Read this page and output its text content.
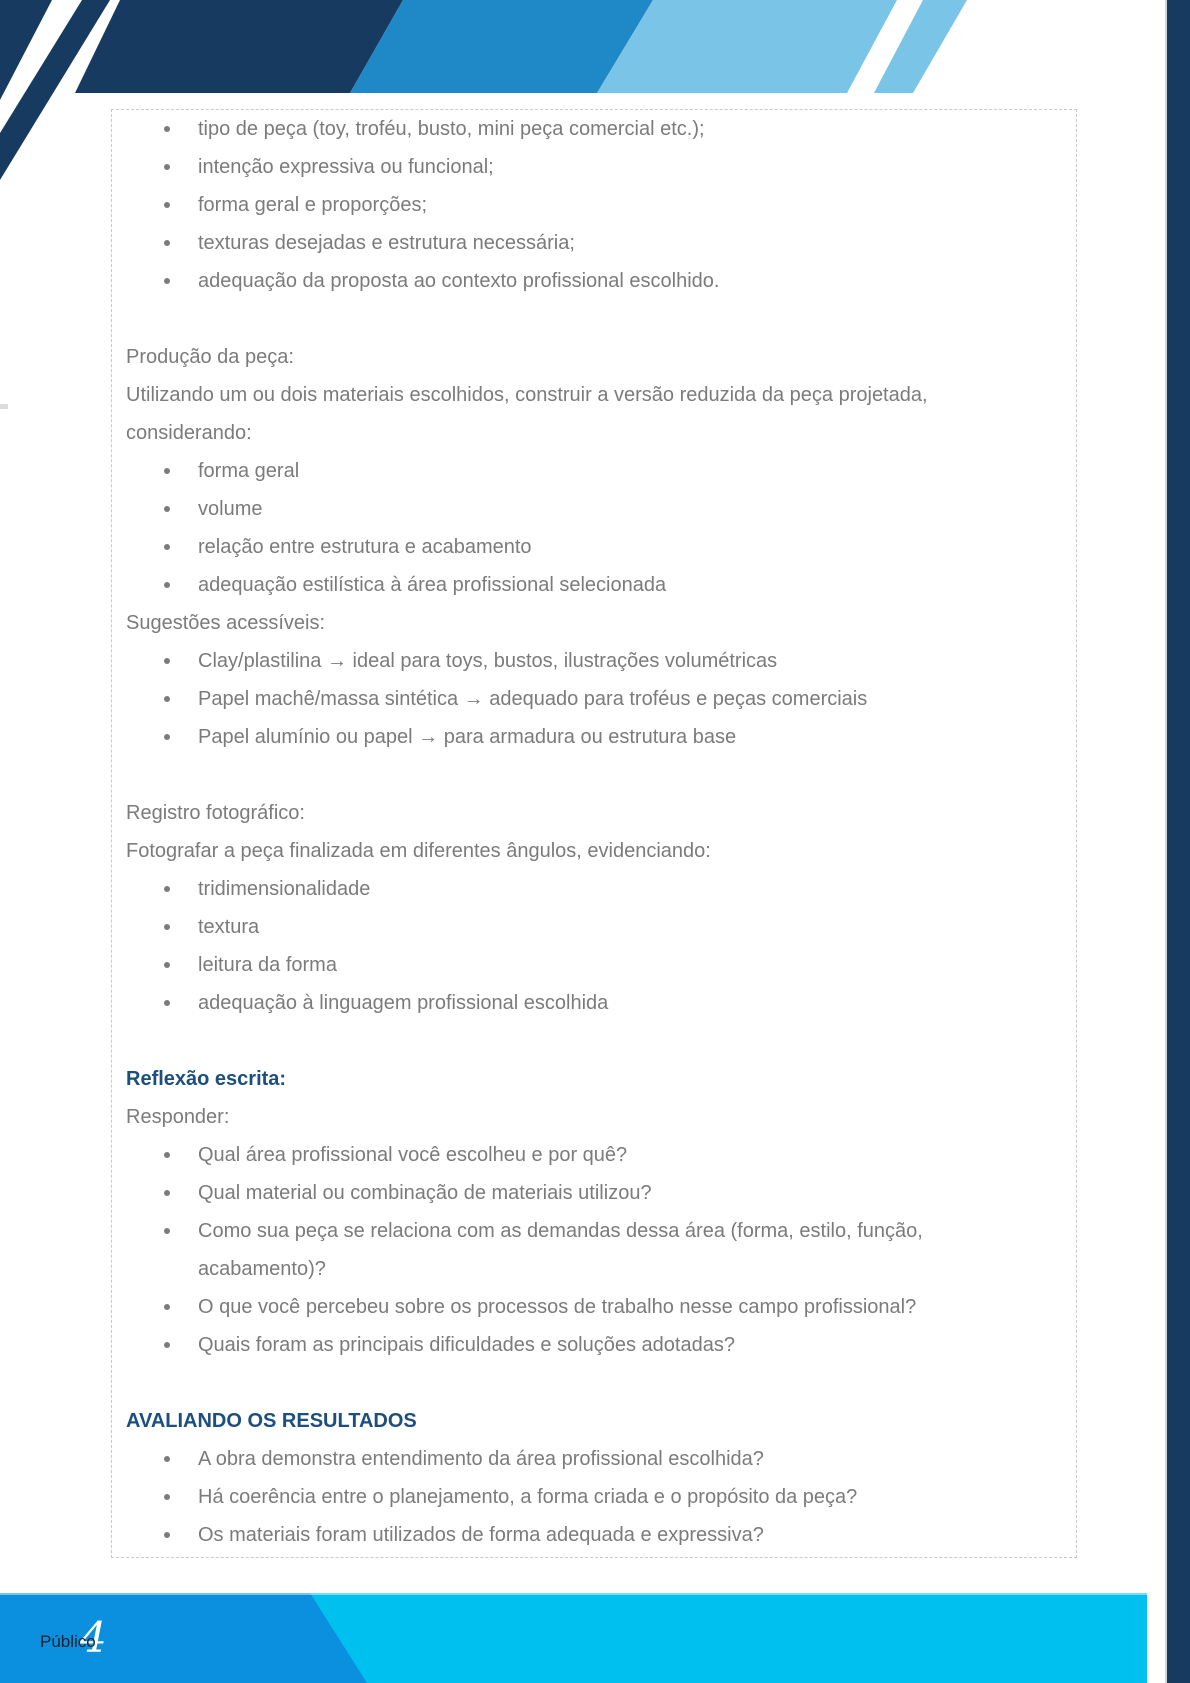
tipo de peça (toy, troféu, busto, mini peça comercial etc.);
intenção expressiva ou funcional;
forma geral e proporções;
texturas desejadas e estrutura necessária;
adequação da proposta ao contexto profissional escolhido.
Produção da peça:
Utilizando um ou dois materiais escolhidos, construir a versão reduzida da peça projetada,
considerando:
forma geral
volume
relação entre estrutura e acabamento
adequação estilística à área profissional selecionada
Sugestões acessíveis:
Clay/plastilina → ideal para toys, bustos, ilustrações volumétricas
Papel machê/massa sintética → adequado para troféus e peças comerciais
Papel alumínio ou papel → para armadura ou estrutura base
Registro fotográfico:
Fotografar a peça finalizada em diferentes ângulos, evidenciando:
tridimensionalidade
textura
leitura da forma
adequação à linguagem profissional escolhida
Reflexão escrita:
Responder:
Qual área profissional você escolheu e por quê?
Qual material ou combinação de materiais utilizou?
Como sua peça se relaciona com as demandas dessa área (forma, estilo, função,
acabamento)?
O que você percebeu sobre os processos de trabalho nesse campo profissional?
Quais foram as principais dificuldades e soluções adotadas?
AVALIANDO OS RESULTADOS
A obra demonstra entendimento da área profissional escolhida?
Há coerência entre o planejamento, a forma criada e o propósito da peça?
Os materiais foram utilizados de forma adequada e expressiva?
4
Público
